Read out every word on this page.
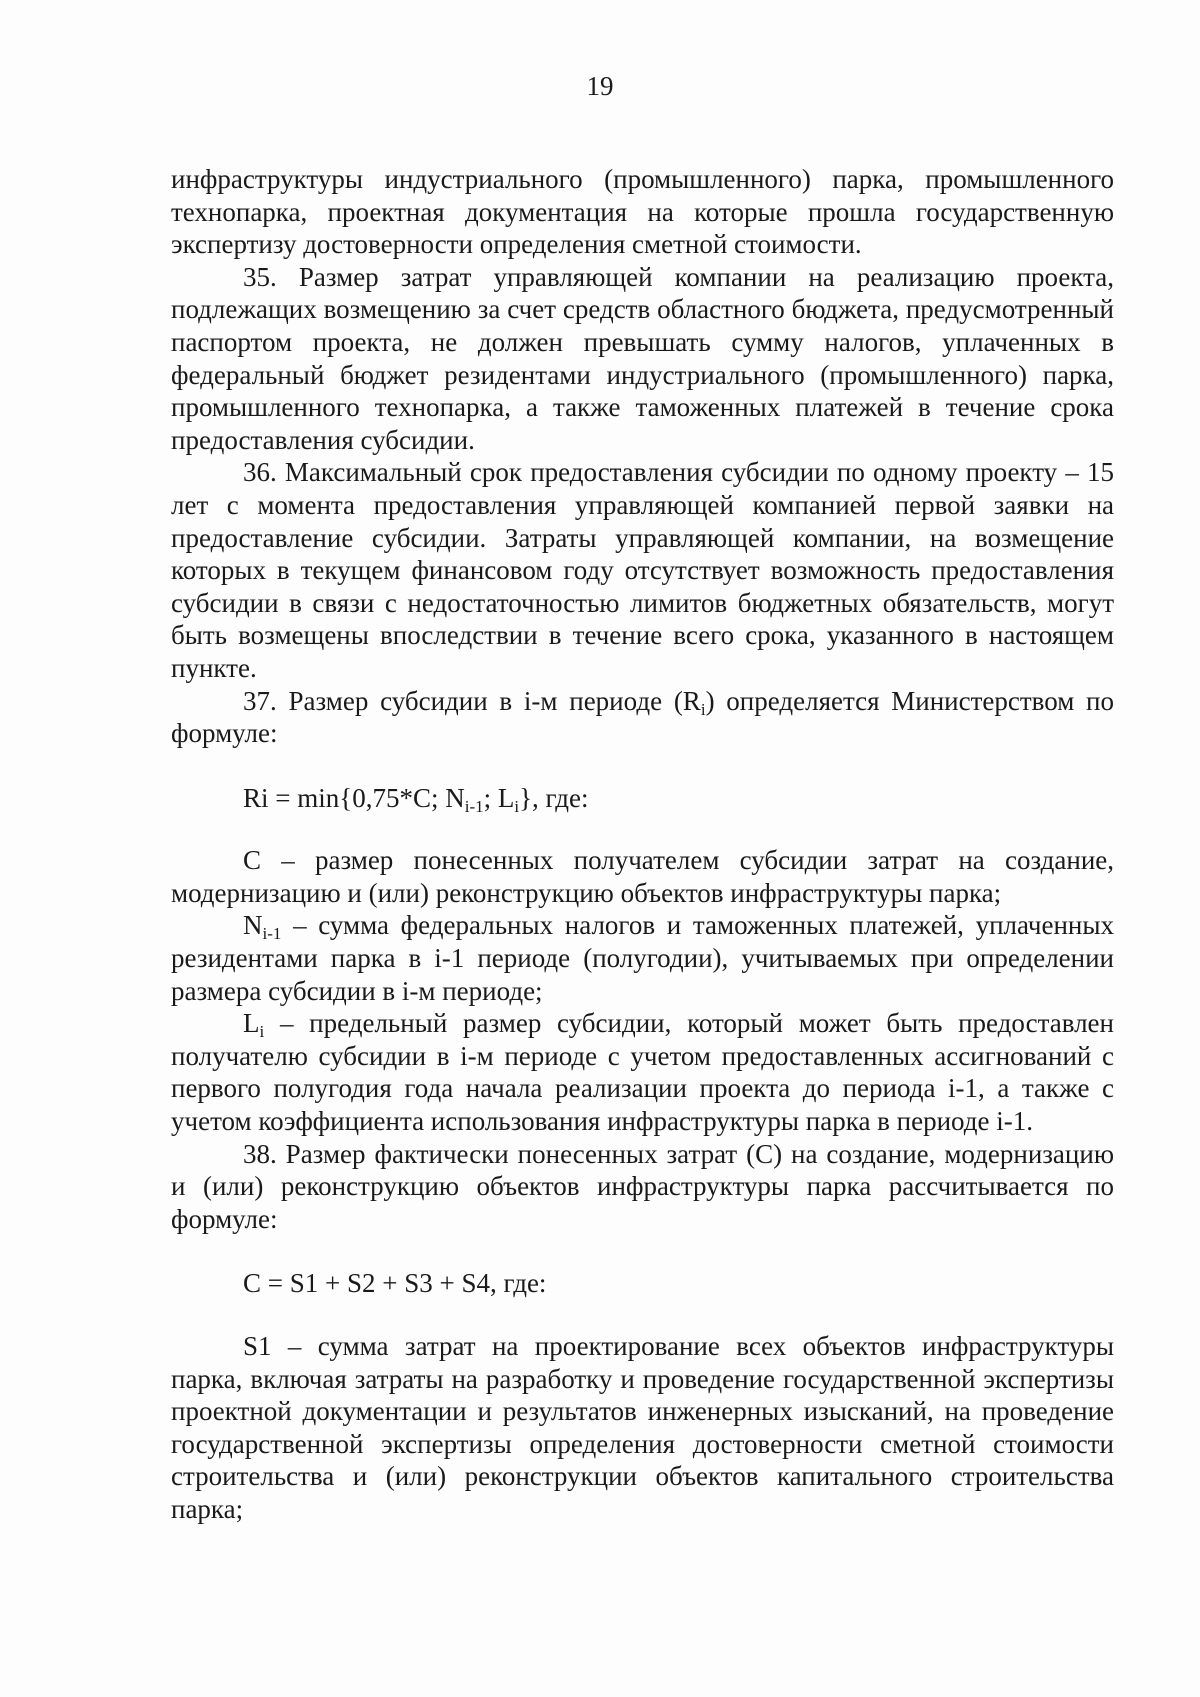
19

инфраструктуры индустриального (промышленного) парка, промышленного технопарка, проектная документация на которые прошла государственную экспертизу достоверности определения сметной стоимости.

35. Размер затрат управляющей компании на реализацию проекта, подлежащих возмещению за счет средств областного бюджета, предусмотренный паспортом проекта, не должен превышать сумму налогов, уплаченных в федеральный бюджет резидентами индустриального (промышленного) парка, промышленного технопарка, а также таможенных платежей в течение срока предоставления субсидии.

36. Максимальный срок предоставления субсидии по одному проекту – 15 лет с момента предоставления управляющей компанией первой заявки на предоставление субсидии. Затраты управляющей компании, на возмещение которых в текущем финансовом году отсутствует возможность предоставления субсидии в связи с недостаточностью лимитов бюджетных обязательств, могут быть возмещены впоследствии в течение всего срока, указанного в настоящем пункте.

37. Размер субсидии в i-м периоде $(R_i)$ определяется Министерством по формуле:

Ri = min{0,75*C; $N_{i-1}$; $L_i$}, где:

С – размер понесенных получателем субсидии затрат на создание, модернизацию и (или) реконструкцию объектов инфраструктуры парка;

$N_{i-1}$ – сумма федеральных налогов и таможенных платежей, уплаченных резидентами парка в i-1 периоде (полугодии), учитываемых при определении размера субсидии в i-м периоде;

$L_i$ – предельный размер субсидии, который может быть предоставлен получателю субсидии в i-м периоде с учетом предоставленных ассигнований с первого полугодия года начала реализации проекта до периода i-1, а также с учетом коэффициента использования инфраструктуры парка в периоде i-1.

38. Размер фактически понесенных затрат (С) на создание, модернизацию и (или) реконструкцию объектов инфраструктуры парка рассчитывается по формуле:

C = S1 + S2 + S3 + S4, где:

S1 – сумма затрат на проектирование всех объектов инфраструктуры парка, включая затраты на разработку и проведение государственной экспертизы проектной документации и результатов инженерных изысканий, на проведение государственной экспертизы определения достоверности сметной стоимости строительства и (или) реконструкции объектов капитального строительства парка;
